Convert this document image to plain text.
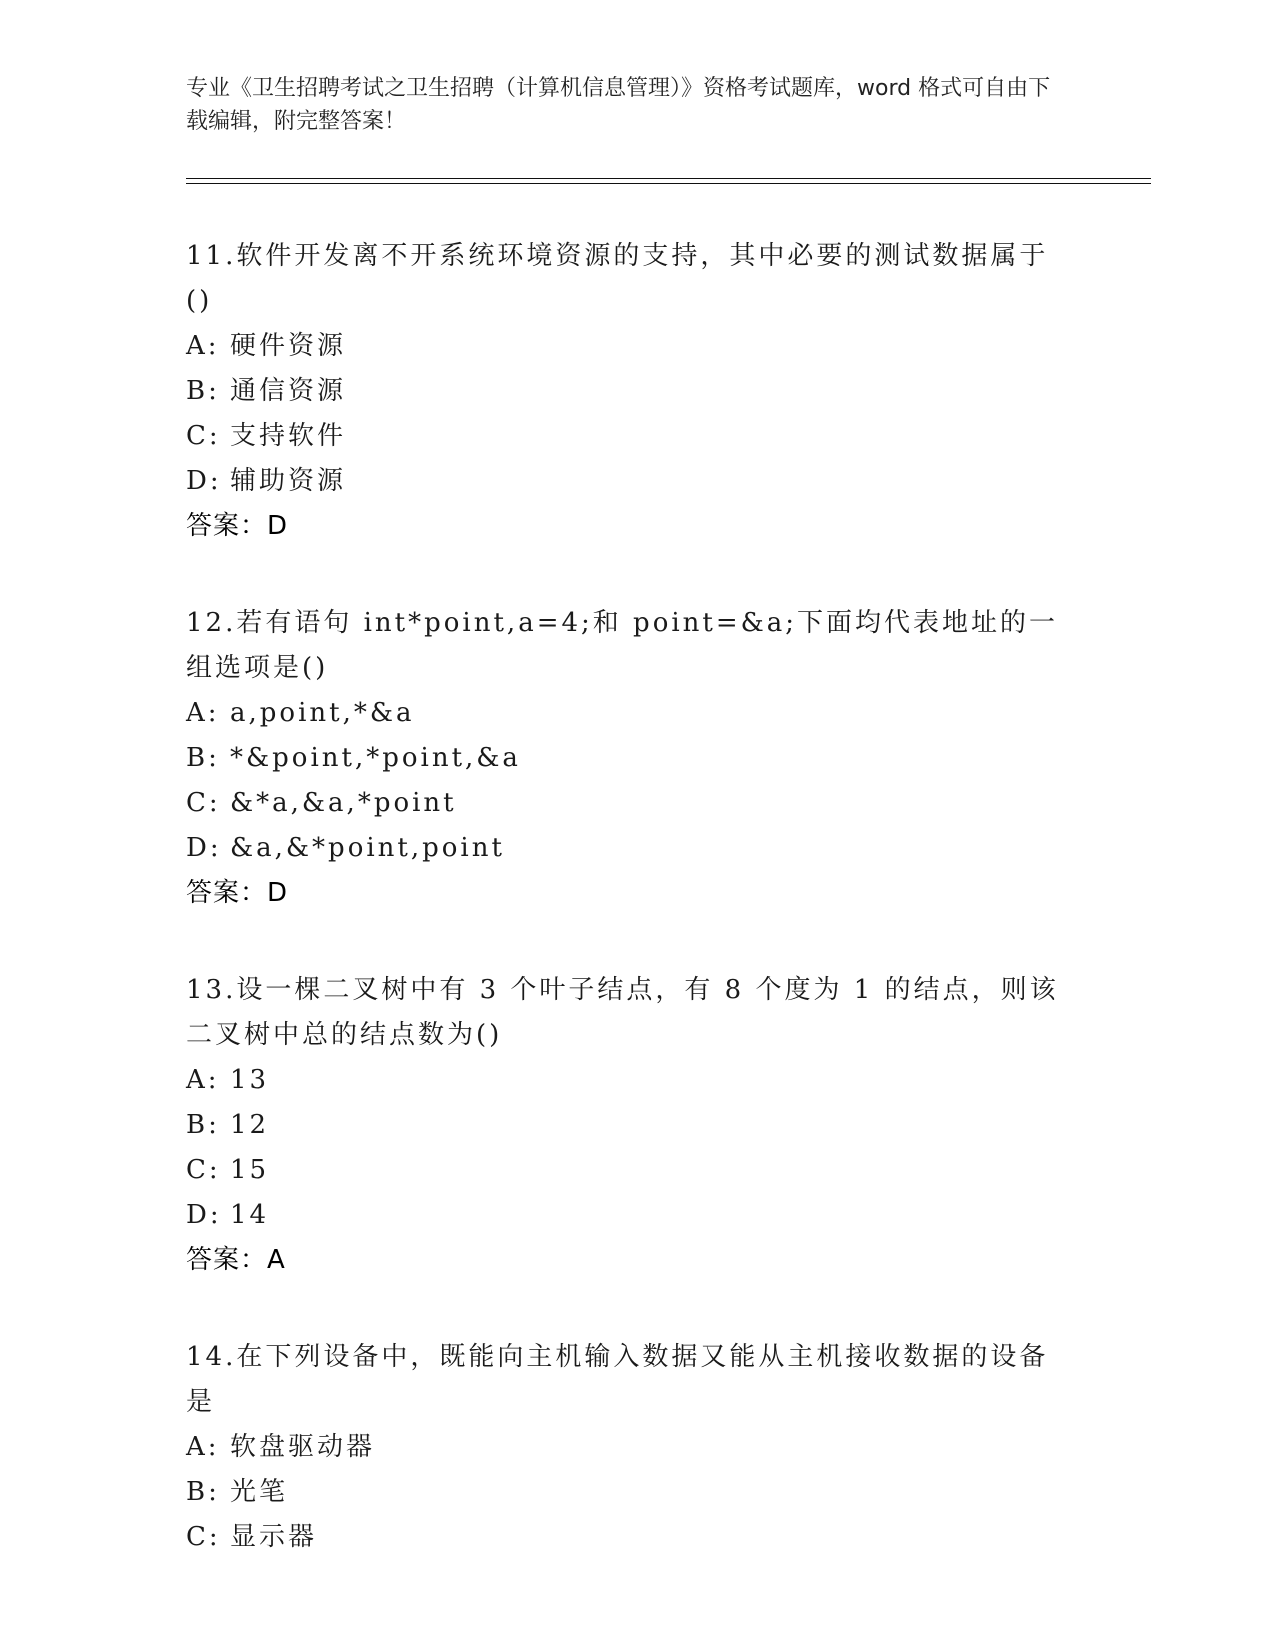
专业《卫生招聘考试之卫生招聘（计算机信息管理）》资格考试题库，word 格式可自由下载编辑，附完整答案！
11.软件开发离不开系统环境资源的支持，其中必要的测试数据属于()
A: 硬件资源
B: 通信资源
C: 支持软件
D: 辅助资源
答案：D
12.若有语句 int*point,a=4;和 point=&a;下面均代表地址的一组选项是()
A: a,point,*&a
B: *&point,*point,&a
C: &*a,&a,*point
D: &a,&*point,point
答案：D
13.设一棵二叉树中有 3 个叶子结点，有 8 个度为 1 的结点，则该二叉树中总的结点数为()
A: 13
B: 12
C: 15
D: 14
答案：A
14.在下列设备中，既能向主机输入数据又能从主机接收数据的设备是
A: 软盘驱动器
B: 光笔
C: 显示器
